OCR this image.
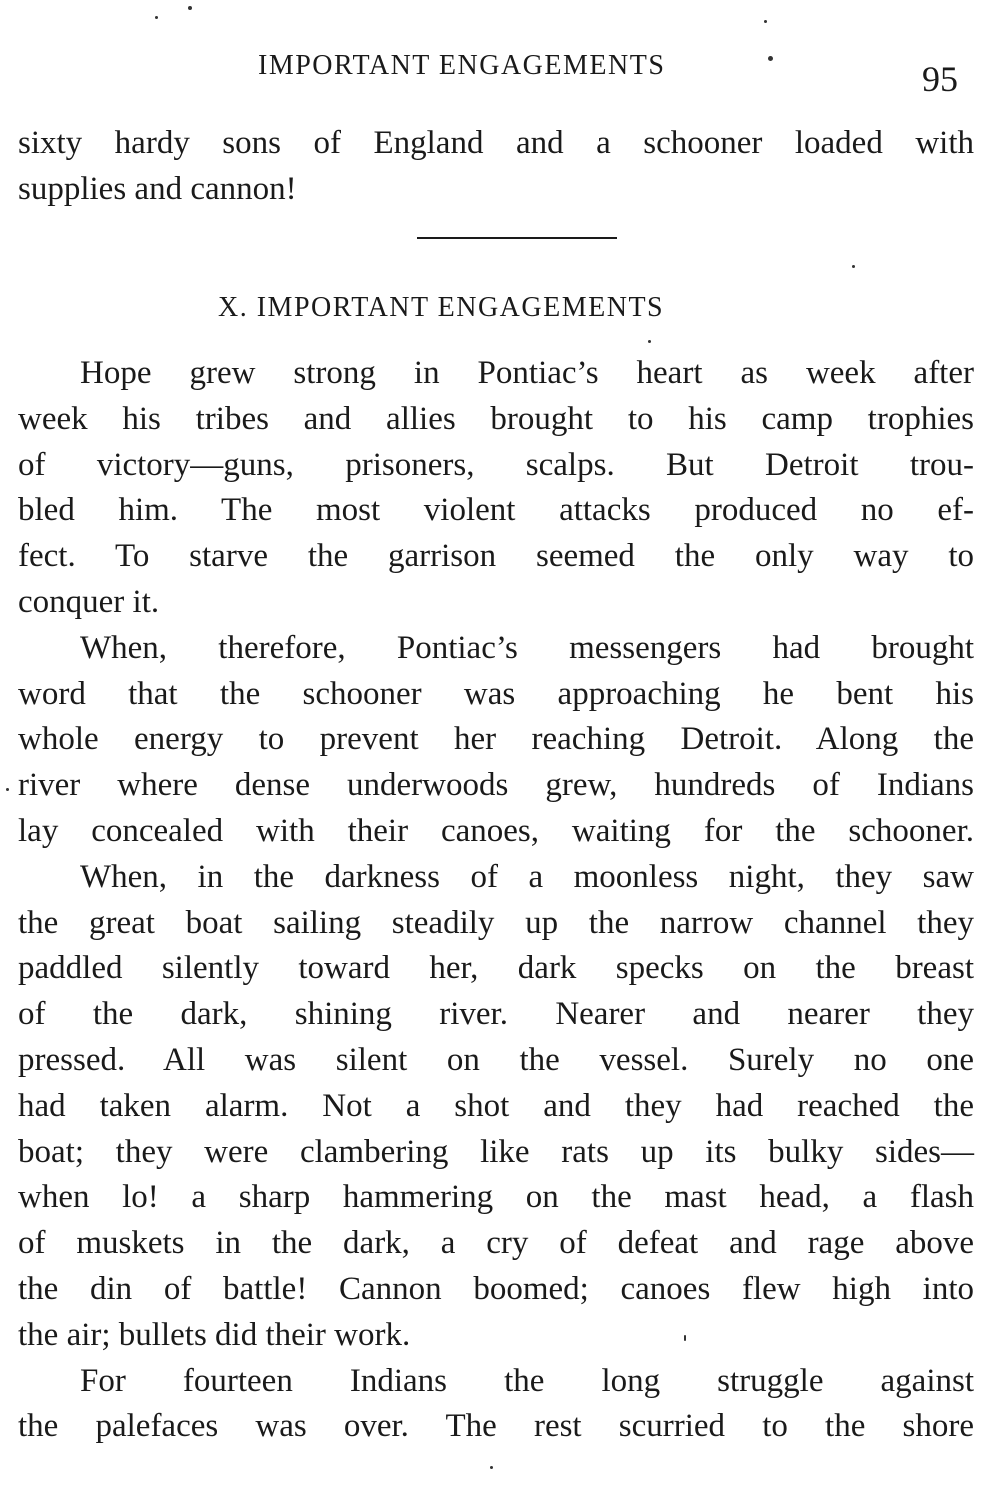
IMPORTANT ENGAGEMENTS	95
sixty hardy sons of England and a schooner loaded with
supplies and cannon!
X. IMPORTANT ENGAGEMENTS
Hope grew strong in Pontiac’s heart as week after
week his tribes and allies brought to his camp trophies
of victory—guns, prisoners, scalps. But Detroit trou-
bled him. The most violent attacks produced no ef-
fect. To starve the garrison seemed the only way to
conquer it.
When, therefore, Pontiac’s messengers had brought
word that the schooner was approaching he bent his
whole energy to prevent her reaching Detroit. Along the
river where dense underwoods grew, hundreds of Indians
lay concealed with their canoes, waiting for the schooner.
When, in the darkness of a moonless night, they saw
the great boat sailing steadily up the narrow channel they
paddled silently toward her, dark specks on the breast
of the dark, shining river. Nearer and nearer they
pressed. All was silent on the vessel. Surely no one
had taken alarm. Not a shot and they had reached the
boat; they were clambering like rats up its bulky sides—
when lo! a sharp hammering on the mast head, a flash
of muskets in the dark, a cry of defeat and rage above
the din of battle! Cannon boomed; canoes flew high into
the air; bullets did their work.
For fourteen Indians the long struggle against
the palefaces was over. The rest scurried to the shore
